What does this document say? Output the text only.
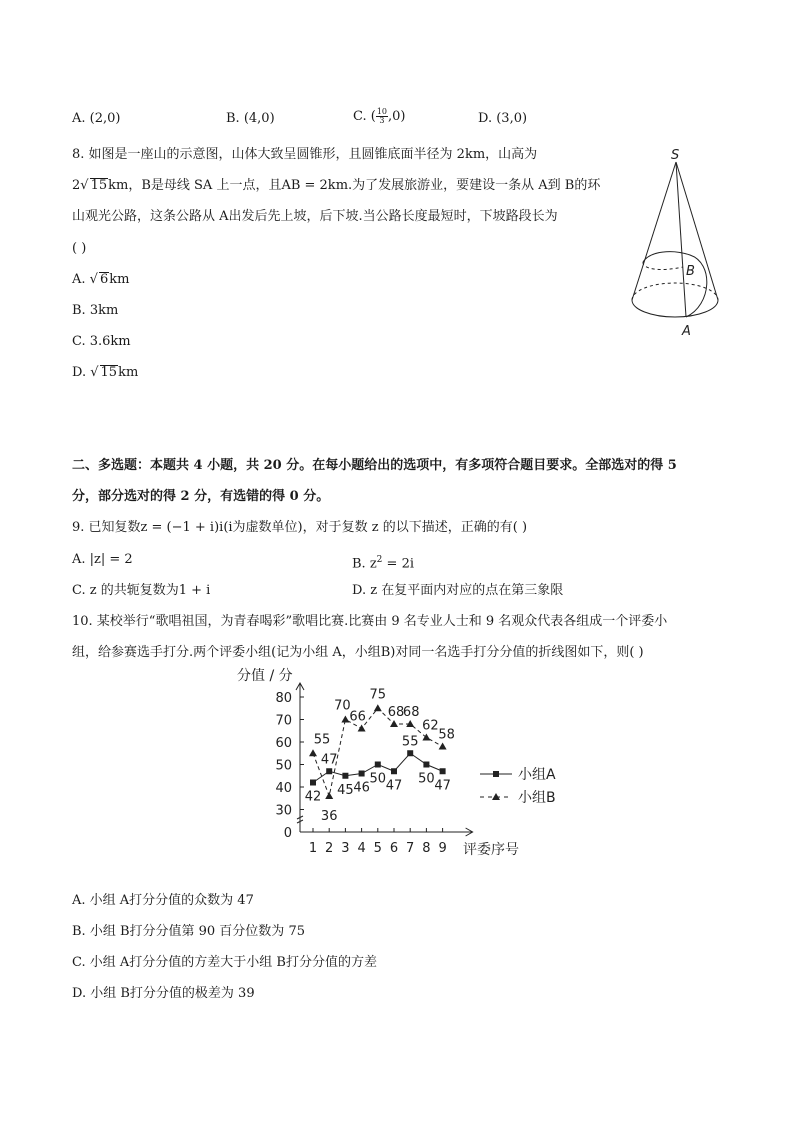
A. (2,0)	B. (4,0)	C. ( $\frac{10}{3} ,0$)	D. (3,0)
8. 如图是一座山的示意图，山体大致呈圆锥形，且圆锥底面半径为 2km，山高为
2√ 15km，B是母线 SA 上一点，且AB = 2km.为了发展旅游业，要建设一条从 A到 B的环
山观光公路，这条公路从 A出发后先上坡，后下坡.当公路长度最短时，下坡路段长为
( )
A. √ 6km
B. 3km
C. 3.6km
D. √ 15km
S
B
A
二、多选题：本题共 4 小题，共 20 分。在每小题给出的选项中，有多项符合题目要求。全部选对的得 5
分，部分选对的得 2 分，有选错的得 0 分。
9. 已知复数z = (−1 + i)i(i为虚数单位)，对于复数 z 的以下描述，正确的有( )
A. |z| = 2	B. $z^2 = 2i$
C. z 的共轭复数为1 + i	D. z 在复平面内对应的点在第三象限
10. 某校举行“歌唱祖国，为青春喝彩”歌唱比赛.比赛由 9 名专业人士和 9 名观众代表各组成一个评委小
组，给参赛选手打分.两个评委小组(记为小组 A，小组B)对同一名选手打分分值的折线图如下，则( )
分值 / 分
评委序号
0
30
40
50
60
70
80
1 2 3 4 5 6 7 8 9
42
47
45 46
50 47
55
50 47
55
36
70
66
75
68
68
62
58
小组A
小组B
A. 小组 A打分分值的众数为 47
B. 小组 B打分分值第 90 百分位数为 75
C. 小组 A打分分值的方差大于小组 B打分分值的方差
D. 小组 B打分分值的极差为 39
